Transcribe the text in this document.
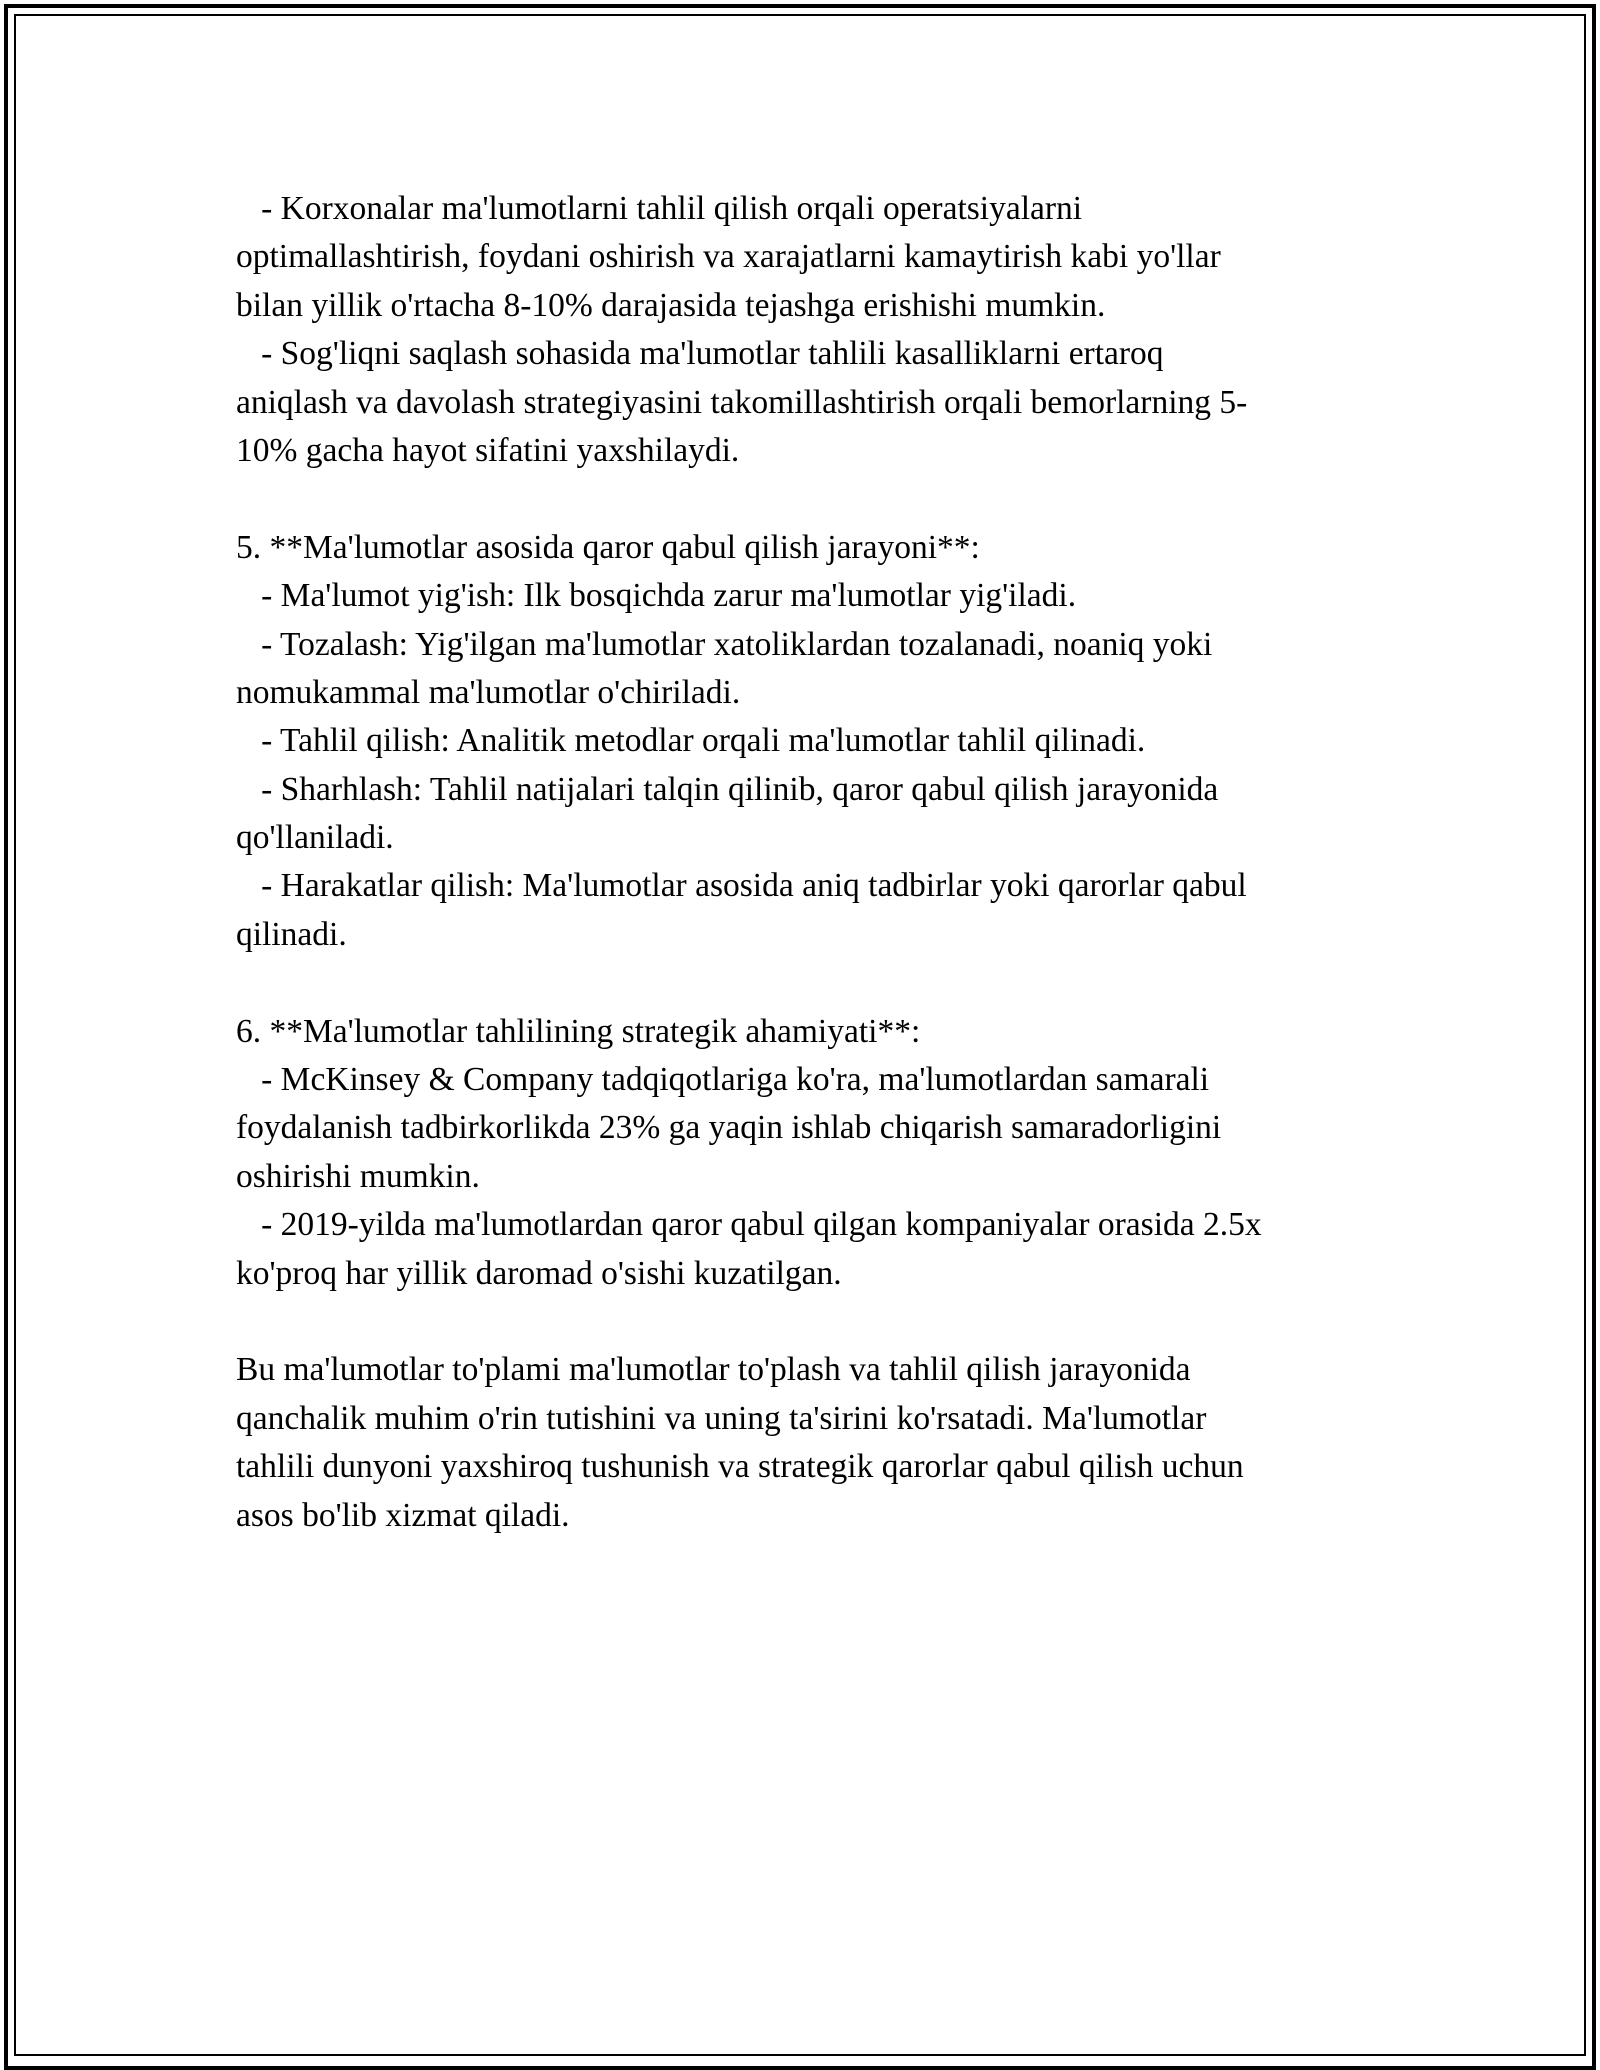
- Korxonalar ma'lumotlarni tahlil qilish orqali operatsiyalarni
optimallashtirish, foydani oshirish va xarajatlarni kamaytirish kabi yo'llar
bilan yillik o'rtacha 8-10% darajasida tejashga erishishi mumkin.
- Sog'liqni saqlash sohasida ma'lumotlar tahlili kasalliklarni ertaroq
aniqlash va davolash strategiyasini takomillashtirish orqali bemorlarning 5-
10% gacha hayot sifatini yaxshilaydi.
5. **Ma'lumotlar asosida qaror qabul qilish jarayoni**:
- Ma'lumot yig'ish: Ilk bosqichda zarur ma'lumotlar yig'iladi.
- Tozalash: Yig'ilgan ma'lumotlar xatoliklardan tozalanadi, noaniq yoki
nomukammal ma'lumotlar o'chiriladi.
- Tahlil qilish: Analitik metodlar orqali ma'lumotlar tahlil qilinadi.
- Sharhlash: Tahlil natijalari talqin qilinib, qaror qabul qilish jarayonida
qo'llaniladi.
- Harakatlar qilish: Ma'lumotlar asosida aniq tadbirlar yoki qarorlar qabul
qilinadi.
6. **Ma'lumotlar tahlilining strategik ahamiyati**:
- McKinsey & Company tadqiqotlariga ko'ra, ma'lumotlardan samarali
foydalanish tadbirkorlikda 23% ga yaqin ishlab chiqarish samaradorligini
oshirishi mumkin.
- 2019-yilda ma'lumotlardan qaror qabul qilgan kompaniyalar orasida 2.5x
ko'proq har yillik daromad o'sishi kuzatilgan.
Bu ma'lumotlar to'plami ma'lumotlar to'plash va tahlil qilish jarayonida
qanchalik muhim o'rin tutishini va uning ta'sirini ko'rsatadi. Ma'lumotlar
tahlili dunyoni yaxshiroq tushunish va strategik qarorlar qabul qilish uchun
asos bo'lib xizmat qiladi.
